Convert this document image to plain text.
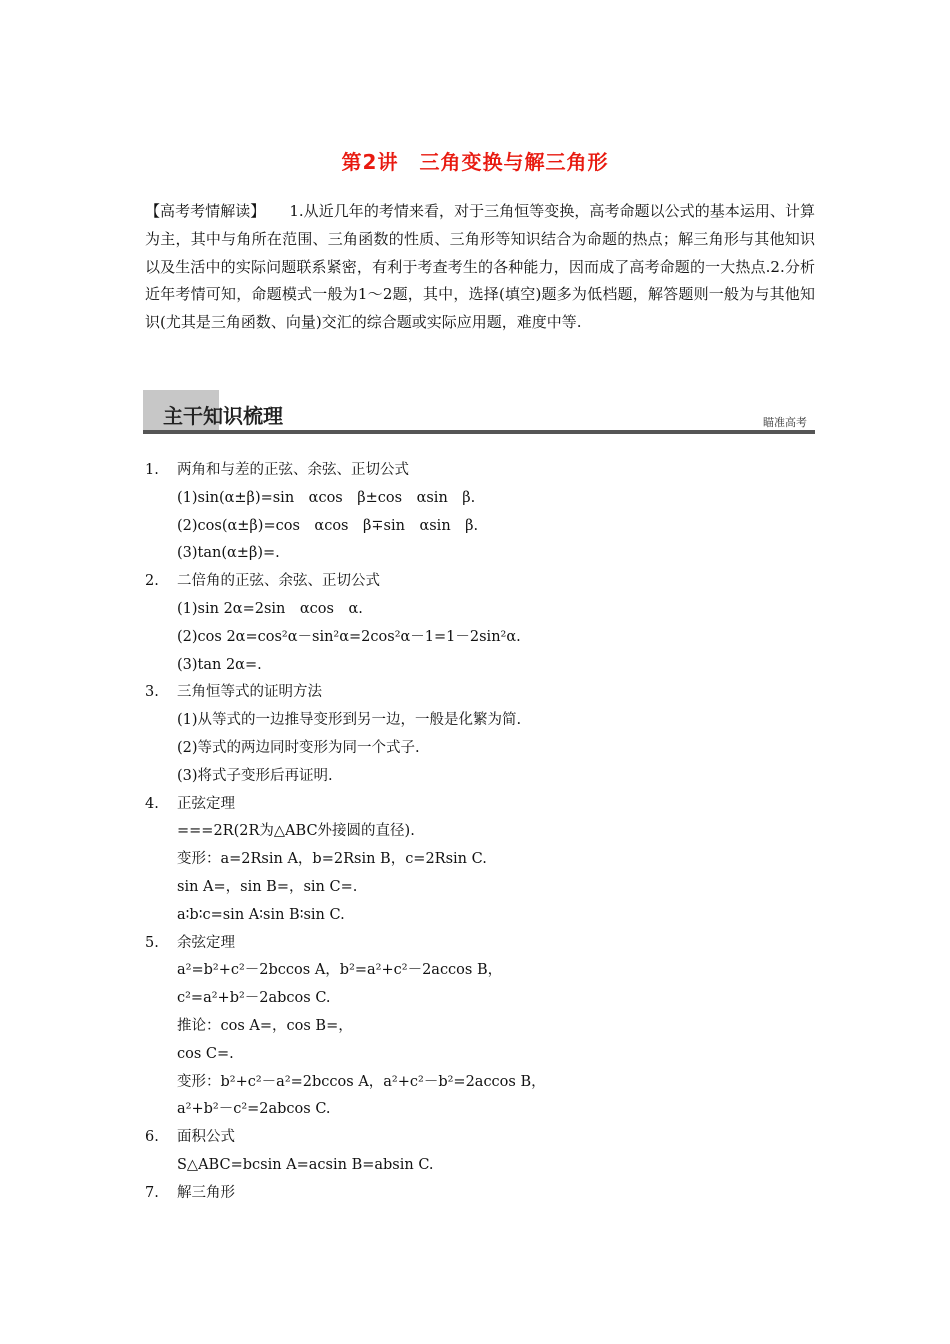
第2讲　三角变换与解三角形
【高考考情解读】 1.从近几年的考情来看，对于三角恒等变换，高考命题以公式的基本运用、计算为主，其中与角所在范围、三角函数的性质、三角形等知识结合为命题的热点；解三角形与其他知识以及生活中的实际问题联系紧密，有利于考查考生的各种能力，因而成了高考命题的一大热点.2.分析近年考情可知，命题模式一般为1～2题，其中，选择(填空)题多为低档题，解答题则一般为与其他知识(尤其是三角函数、向量)交汇的综合题或实际应用题，难度中等.
主干知识梳理	瞄准高考
1. 两角和与差的正弦、余弦、正切公式
(1)sin(α±β)=sin　αcos　β±cos　αsin　β.
(2)cos(α±β)=cos　αcos　β∓sin　αsin　β.
(3)tan(α±β)=.
2. 二倍角的正弦、余弦、正切公式
(1)sin 2α=2sin　αcos　α.
(2)cos 2α=cos²α－sin²α=2cos²α－1=1－2sin²α.
(3)tan 2α=.
3. 三角恒等式的证明方法
(1)从等式的一边推导变形到另一边，一般是化繁为简.
(2)等式的两边同时变形为同一个式子.
(3)将式子变形后再证明.
4. 正弦定理
===2R(2R为△ABC外接圆的直径).
变形：a=2Rsin A，b=2Rsin B，c=2Rsin C.
sin A=，sin B=，sin C=.
a∶b∶c=sin A∶sin B∶sin C.
5. 余弦定理
a²=b²+c²－2bccos A，b²=a²+c²－2accos B，
c²=a²+b²－2abcos C.
推论：cos A=，cos B=，
cos C=.
变形：b²+c²－a²=2bccos A，a²+c²－b²=2accos B，
a²+b²－c²=2abcos C.
6. 面积公式
S△ABC=bcsin A=acsin B=absin C.
7. 解三角形
